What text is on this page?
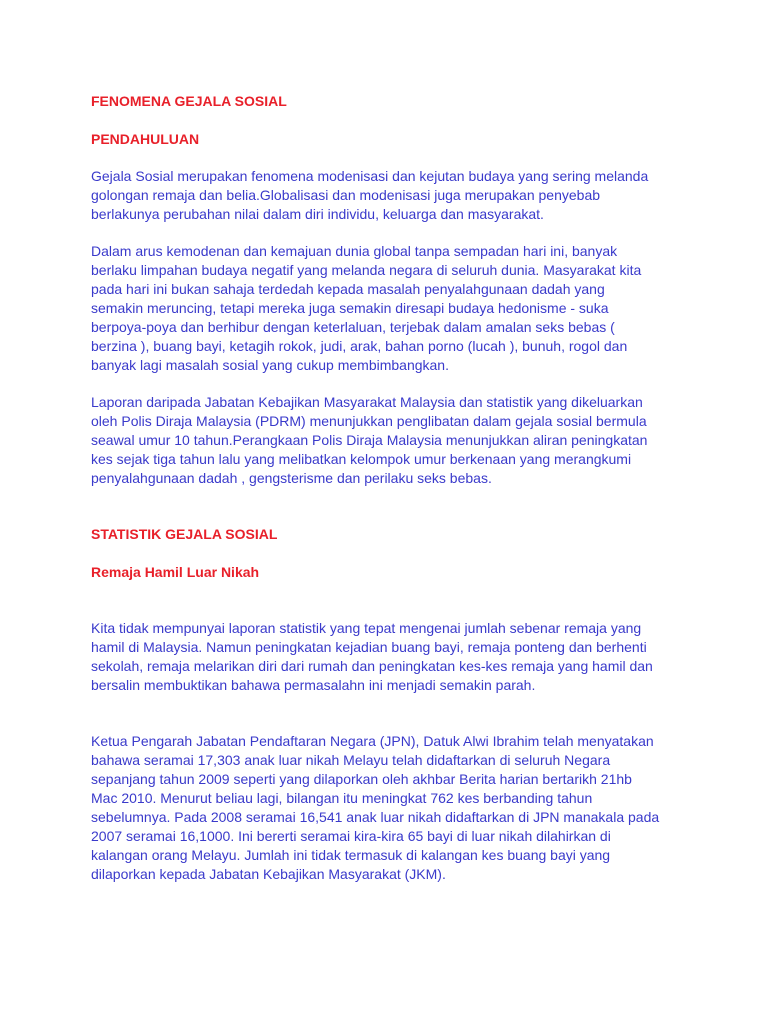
FENOMENA GEJALA SOSIAL
PENDAHULUAN

Gejala Sosial merupakan fenomena modenisasi dan kejutan budaya yang sering melanda
golongan remaja dan belia.Globalisasi dan modenisasi juga merupakan penyebab
berlakunya perubahan nilai dalam diri individu, keluarga dan masyarakat.

Dalam arus kemodenan dan kemajuan dunia global tanpa sempadan hari ini, banyak
berlaku limpahan budaya negatif yang melanda negara di seluruh dunia. Masyarakat kita
pada hari ini bukan sahaja terdedah kepada masalah penyalahgunaan dadah yang
semakin meruncing, tetapi mereka juga semakin diresapi budaya hedonisme - suka
berpoya-poya dan berhibur dengan keterlaluan, terjebak dalam amalan seks bebas (
berzina ), buang bayi, ketagih rokok, judi, arak, bahan porno (lucah ), bunuh, rogol dan
banyak lagi masalah sosial yang cukup membimbangkan.

Laporan daripada Jabatan Kebajikan Masyarakat Malaysia dan statistik yang dikeluarkan
oleh Polis Diraja Malaysia (PDRM) menunjukkan penglibatan dalam gejala sosial bermula
seawal umur 10 tahun.Perangkaan Polis Diraja Malaysia menunjukkan aliran peningkatan
kes sejak tiga tahun lalu yang melibatkan kelompok umur berkenaan yang merangkumi
penyalahgunaan dadah , gengsterisme dan perilaku seks bebas.

STATISTIK GEJALA SOSIAL
Remaja Hamil Luar Nikah

Kita tidak mempunyai laporan statistik yang tepat mengenai jumlah sebenar remaja yang
hamil di Malaysia. Namun peningkatan kejadian buang bayi, remaja ponteng dan berhenti
sekolah, remaja melarikan diri dari rumah dan peningkatan kes-kes remaja yang hamil dan
bersalin membuktikan bahawa permasalahn ini menjadi semakin parah.

Ketua Pengarah Jabatan Pendaftaran Negara (JPN), Datuk Alwi Ibrahim telah menyatakan
bahawa seramai 17,303 anak luar nikah Melayu telah didaftarkan di seluruh Negara
sepanjang tahun 2009 seperti yang dilaporkan oleh akhbar Berita harian bertarikh 21hb
Mac 2010. Menurut beliau lagi, bilangan itu meningkat 762 kes berbanding tahun
sebelumnya. Pada 2008 seramai 16,541 anak luar nikah didaftarkan di JPN manakala pada
2007 seramai 16,1000. Ini bererti seramai kira-kira 65 bayi di luar nikah dilahirkan di
kalangan orang Melayu. Jumlah ini tidak termasuk di kalangan kes buang bayi yang
dilaporkan kepada Jabatan Kebajikan Masyarakat (JKM).
